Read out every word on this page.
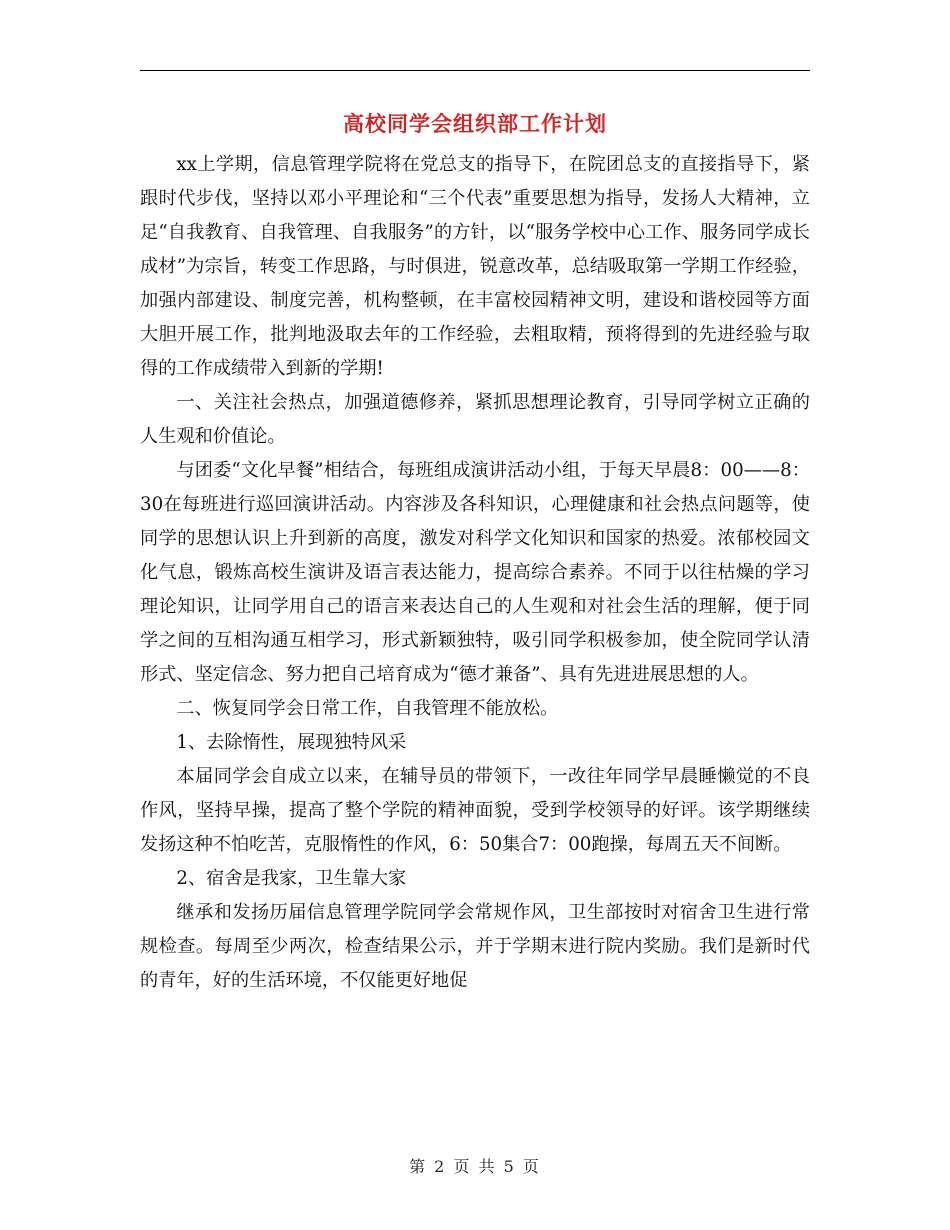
高校同学会组织部工作计划

xx上学期，信息管理学院将在党总支的指导下，在院团总支的直接指导下，紧跟时代步伐，坚持以邓小平理论和“三个代表”重要思想为指导，发扬人大精神，立足“自我教育、自我管理、自我服务”的方针，以“服务学校中心工作、服务同学成长成材”为宗旨，转变工作思路，与时俱进，锐意改革，总结吸取第一学期工作经验，加强内部建设、制度完善，机构整顿，在丰富校园精神文明，建设和谐校园等方面大胆开展工作，批判地汲取去年的工作经验，去粗取精，预将得到的先进经验与取得的工作成绩带入到新的学期!

一、关注社会热点，加强道德修养，紧抓思想理论教育，引导同学树立正确的人生观和价值论。

与团委“文化早餐”相结合，每班组成演讲活动小组，于每天早晨8：00——8：30在每班进行巡回演讲活动。内容涉及各科知识，心理健康和社会热点问题等，使同学的思想认识上升到新的高度，激发对科学文化知识和国家的热爱。浓郁校园文化气息，锻炼高校生演讲及语言表达能力，提高综合素养。不同于以往枯燥的学习理论知识，让同学用自己的语言来表达自己的人生观和对社会生活的理解，便于同学之间的互相沟通互相学习，形式新颖独特，吸引同学积极参加，使全院同学认清形式、坚定信念、努力把自己培育成为“德才兼备”、具有先进进展思想的人。

二、恢复同学会日常工作，自我管理不能放松。

1、去除惰性，展现独特风采

本届同学会自成立以来，在辅导员的带领下，一改往年同学早晨睡懒觉的不良作风，坚持早操，提高了整个学院的精神面貌，受到学校领导的好评。该学期继续发扬这种不怕吃苦，克服惰性的作风，6：50集合7：00跑操，每周五天不间断。

2、宿舍是我家，卫生靠大家

继承和发扬历届信息管理学院同学会常规作风，卫生部按时对宿舍卫生进行常规检查。每周至少两次，检查结果公示，并于学期末进行院内奖励。我们是新时代的青年，好的生活环境，不仅能更好地促

第 2 页 共 5 页
